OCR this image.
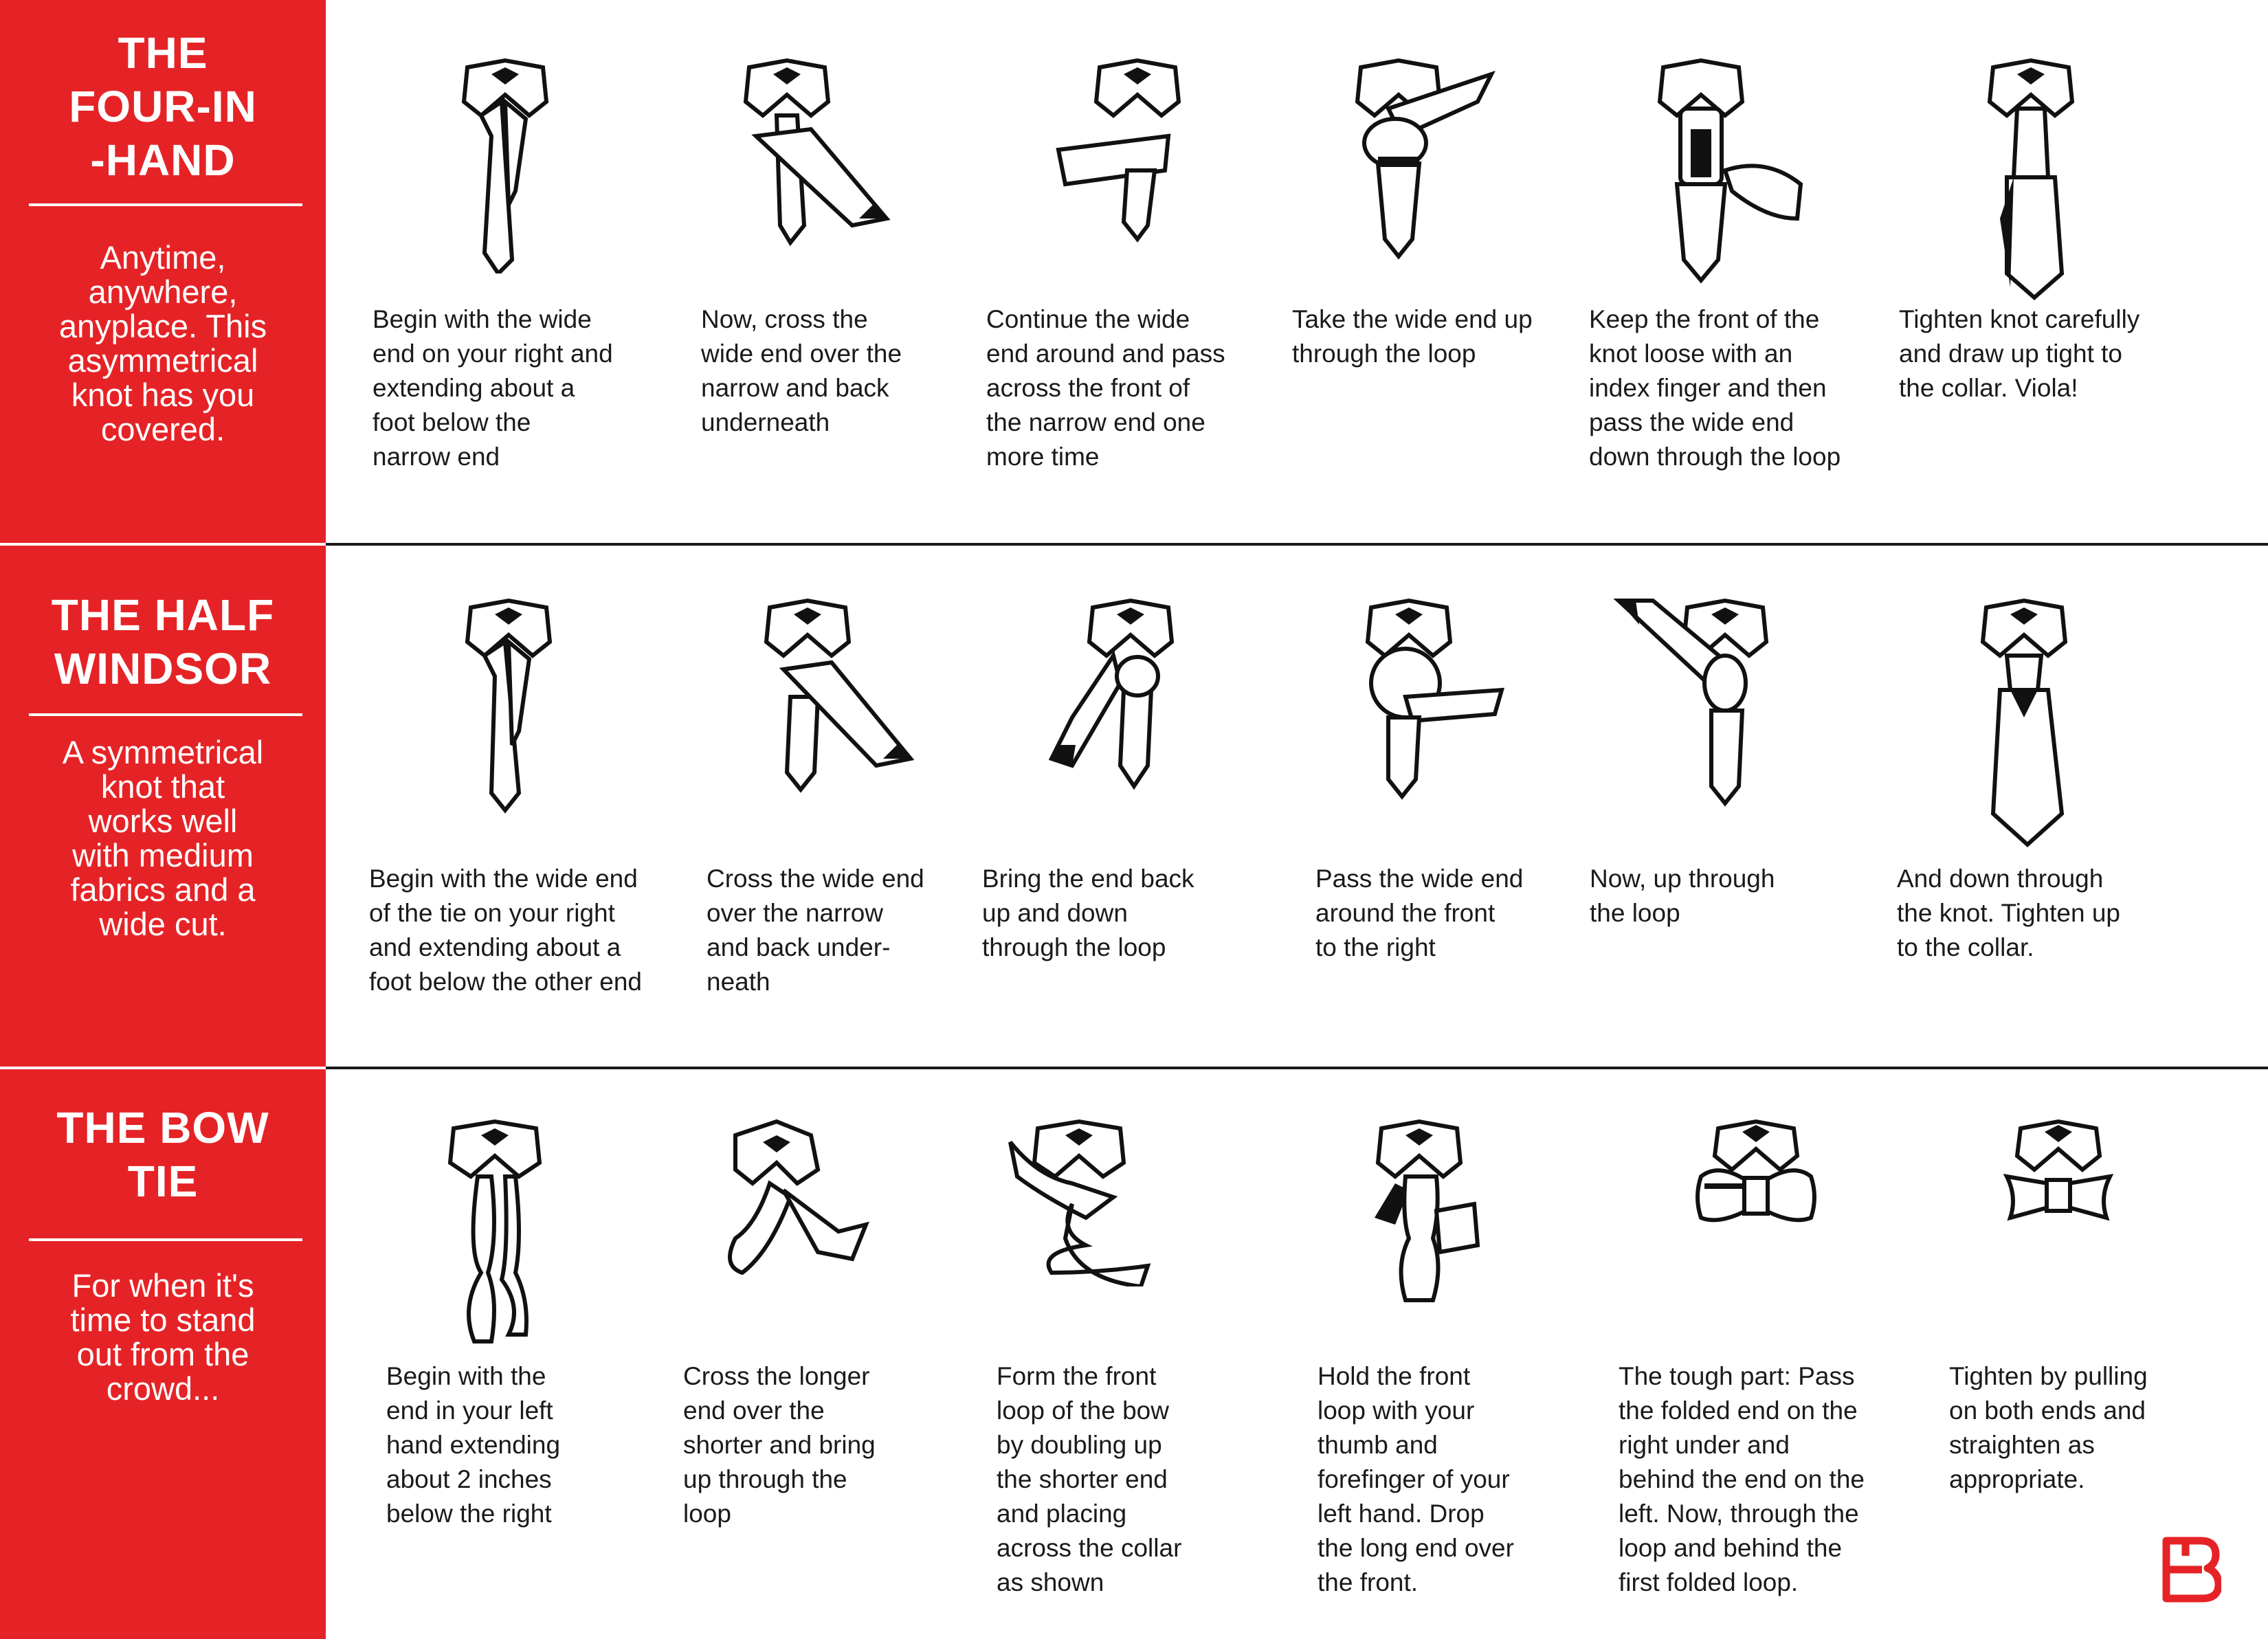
THE
FOUR-IN
-HAND
Anytime,
anywhere,
anyplace. This
asymmetrical
knot has you
covered.
Begin with the wide
end on your right and
extending about a
foot below the
narrow end
Now, cross the
wide end over the
narrow and back
underneath
Continue the wide
end around and pass
across the front of
the narrow end one
more time
Take the wide end up
through the loop
Keep the front of the
knot loose with an
index finger and then
pass the wide end
down through the loop
Tighten knot carefully
and draw up tight to
the collar. Viola!
THE HALF
WINDSOR
A symmetrical
knot that
works well
with medium
fabrics and a
wide cut.
Begin with the wide end
of the tie on your right
and extending about a
foot below the other end
Cross the wide end
over the narrow
and back under-
neath
Bring the end back
up and down
through the loop
Pass the wide end
around the front
to the right
Now, up through
the loop
And down through
the knot. Tighten up
to the collar.
THE BOW
TIE
For when it's
time to stand
out from the
crowd...	Begin with the
end in your left
hand extending
about 2 inches
below the right
Cross the longer
end over the
shorter and bring
up through the
loop
Form the front
loop of the bow
by doubling up
the shorter end
and placing
across the collar
as shown
Hold the front
loop with your
thumb and
forefinger of your
left hand. Drop
the long end over
the front.
The tough part: Pass
the folded end on the
right under and
behind the end on the
left. Now, through the
loop and behind the
first folded loop.
Tighten by pulling
on both ends and
straighten as
appropriate.
